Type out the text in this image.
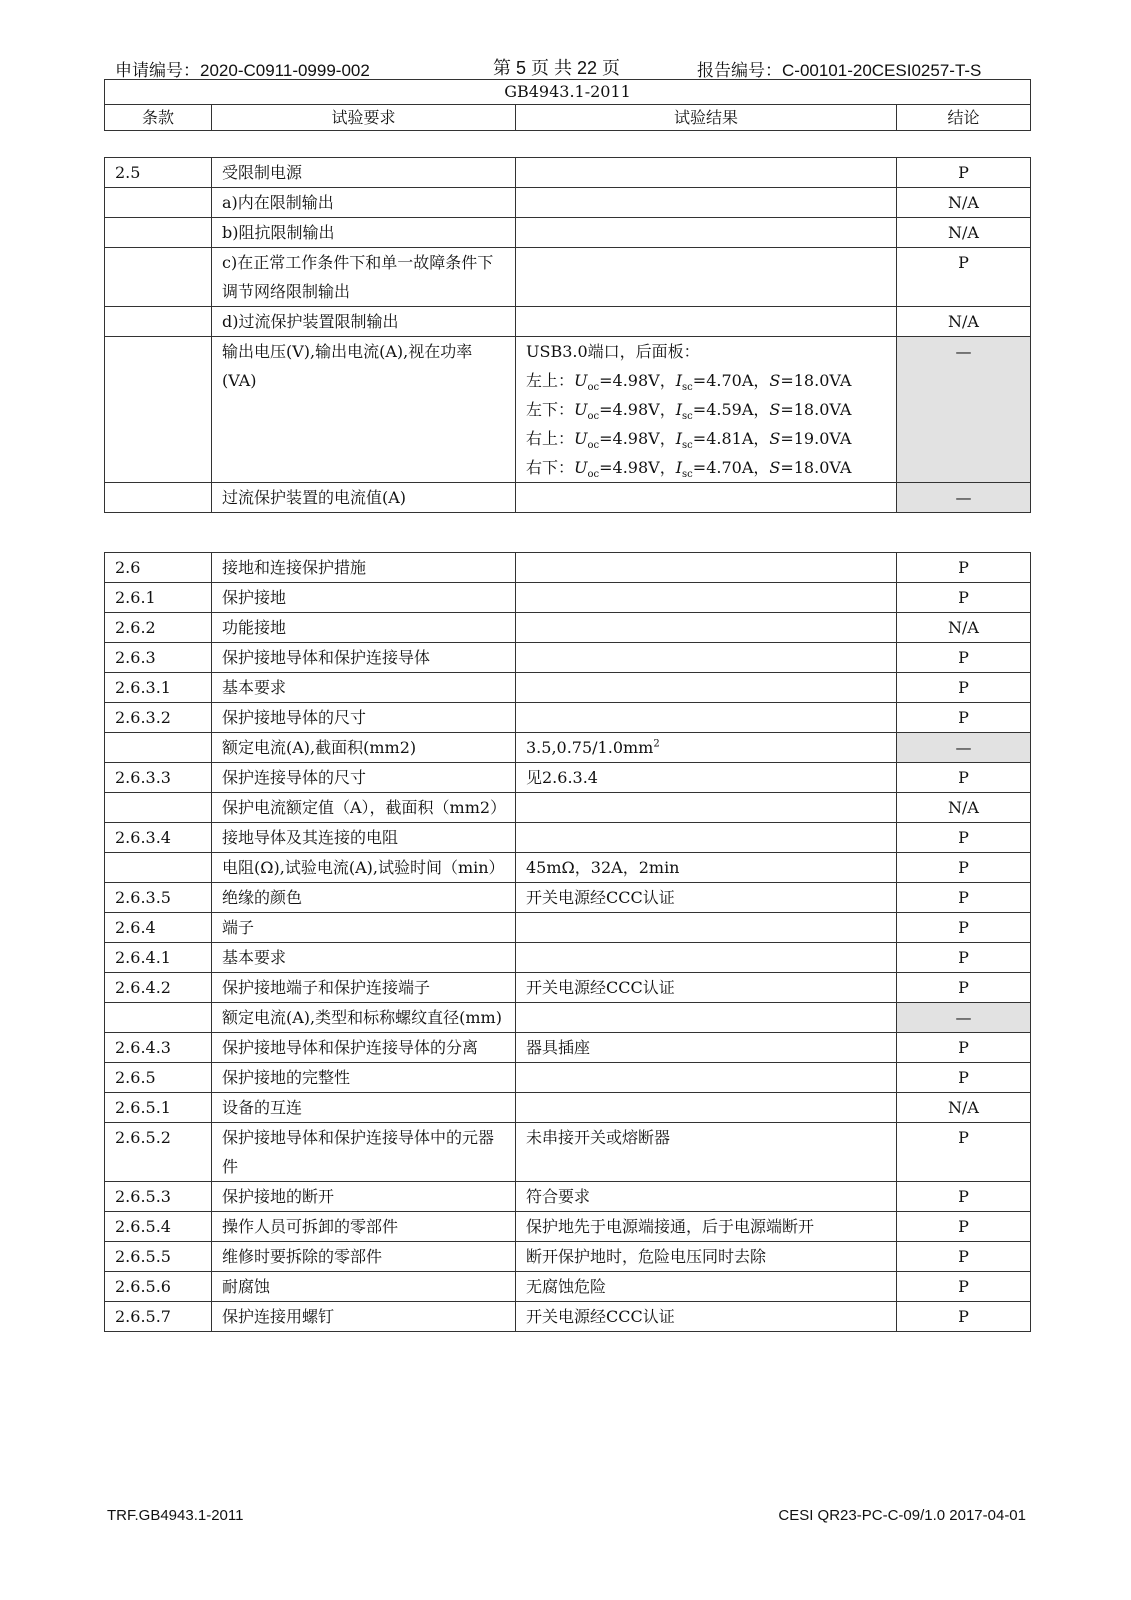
申请编号：2020-C0911-0999-002	第 5 页 共 22 页	报告编号：C-00101-20CESI0257-T-S
GB4943.1-2011
条款	试验要求	试验结果	结论
2.5	受限制电源		P
	a)内在限制输出		N/A
	b)阻抗限制输出		N/A
	c)在正常工作条件下和单一故障条件下调节网络限制输出		P
	d)过流保护装置限制输出		N/A
	输出电压(V),输出电流(A),视在功率(VA)	USB3.0端口，后面板：
左上：$U_{oc}=4.98V$，$I_{sc}=4.70A$，S=18.0VA
左下：$U_{oc}=4.98V$，$I_{sc}=4.59A$，S=18.0VA
右上：$U_{oc}=4.98V$，$I_{sc}=4.81A$，S=19.0VA
右下：$U_{oc}=4.98V$，$I_{sc}=4.70A$，S=18.0VA	—
	过流保护装置的电流值(A)		—
2.6	接地和连接保护措施		P
2.6.1	保护接地		P
2.6.2	功能接地		N/A
2.6.3	保护接地导体和保护连接导体		P
2.6.3.1	基本要求		P
2.6.3.2	保护接地导体的尺寸		P
	额定电流(A),截面积(mm2)	$3.5,0.75/1.0mm^2$	—
2.6.3.3	保护连接导体的尺寸	见2.6.3.4	P
	保护电流额定值（A），截面积（mm2）		N/A
2.6.3.4	接地导体及其连接的电阻		P
	电阻(Ω),试验电流(A),试验时间（min）	45mΩ，32A，2min	P
2.6.3.5	绝缘的颜色	开关电源经CCC认证	P
2.6.4	端子		P
2.6.4.1	基本要求		P
2.6.4.2	保护接地端子和保护连接端子	开关电源经CCC认证	P
	额定电流(A),类型和标称螺纹直径(mm)		—
2.6.4.3	保护接地导体和保护连接导体的分离	器具插座	P
2.6.5	保护接地的完整性		P
2.6.5.1	设备的互连		N/A
2.6.5.2	保护接地导体和保护连接导体中的元器件	未串接开关或熔断器	P
2.6.5.3	保护接地的断开	符合要求	P
2.6.5.4	操作人员可拆卸的零部件	保护地先于电源端接通，后于电源端断开	P
2.6.5.5	维修时要拆除的零部件	断开保护地时，危险电压同时去除	P
2.6.5.6	耐腐蚀	无腐蚀危险	P
2.6.5.7	保护连接用螺钉	开关电源经CCC认证	P
TRF.GB4943.1-2011	CESI QR23-PC-C-09/1.0 2017-04-01
